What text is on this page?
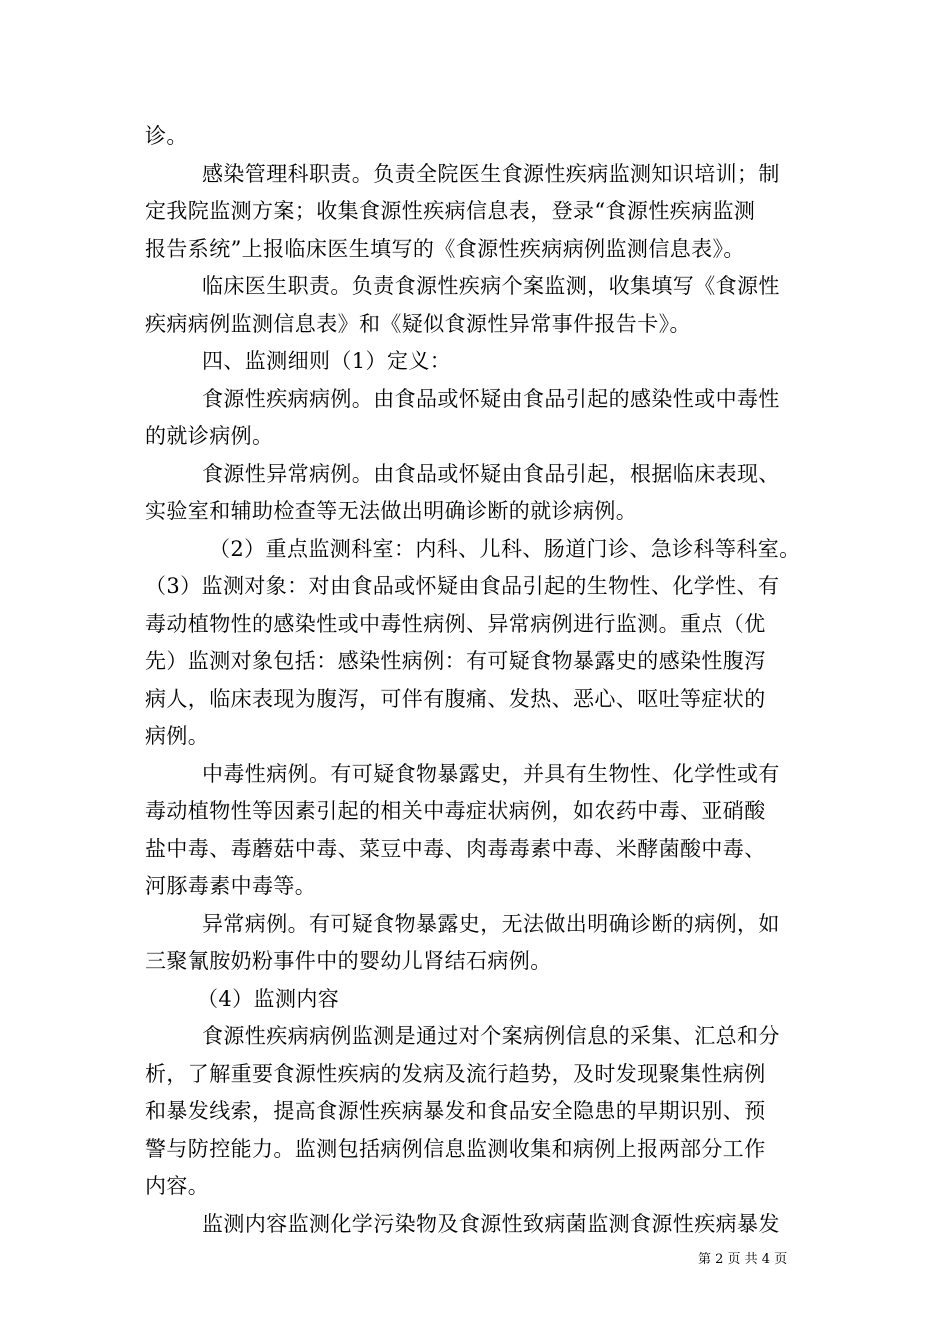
诊。
感染管理科职责。负责全院医生食源性疾病监测知识培训；制
定我院监测方案；收集食源性疾病信息表，登录“食源性疾病监测
报告系统”上报临床医生填写的《食源性疾病病例监测信息表》。
临床医生职责。负责食源性疾病个案监测，收集填写《食源性
疾病病例监测信息表》和《疑似食源性异常事件报告卡》。
四、监测细则（1）定义：
食源性疾病病例。由食品或怀疑由食品引起的感染性或中毒性
的就诊病例。
食源性异常病例。由食品或怀疑由食品引起，根据临床表现、
实验室和辅助检查等无法做出明确诊断的就诊病例。
（2）重点监测科室：内科、儿科、肠道门诊、急诊科等科室。
（3）监测对象：对由食品或怀疑由食品引起的生物性、化学性、有
毒动植物性的感染性或中毒性病例、异常病例进行监测。重点（优
先）监测对象包括：感染性病例：有可疑食物暴露史的感染性腹泻
病人，临床表现为腹泻，可伴有腹痛、发热、恶心、呕吐等症状的
病例。
中毒性病例。有可疑食物暴露史，并具有生物性、化学性或有
毒动植物性等因素引起的相关中毒症状病例，如农药中毒、亚硝酸
盐中毒、毒蘑菇中毒、菜豆中毒、肉毒毒素中毒、米酵菌酸中毒、
河豚毒素中毒等。
异常病例。有可疑食物暴露史，无法做出明确诊断的病例，如
三聚氰胺奶粉事件中的婴幼儿肾结石病例。
（4）监测内容
食源性疾病病例监测是通过对个案病例信息的采集、汇总和分
析，了解重要食源性疾病的发病及流行趋势，及时发现聚集性病例
和暴发线索，提高食源性疾病暴发和食品安全隐患的早期识别、预
警与防控能力。监测包括病例信息监测收集和病例上报两部分工作
内容。
监测内容监测化学污染物及食源性致病菌监测食源性疾病暴发
第 2 页 共 4 页
